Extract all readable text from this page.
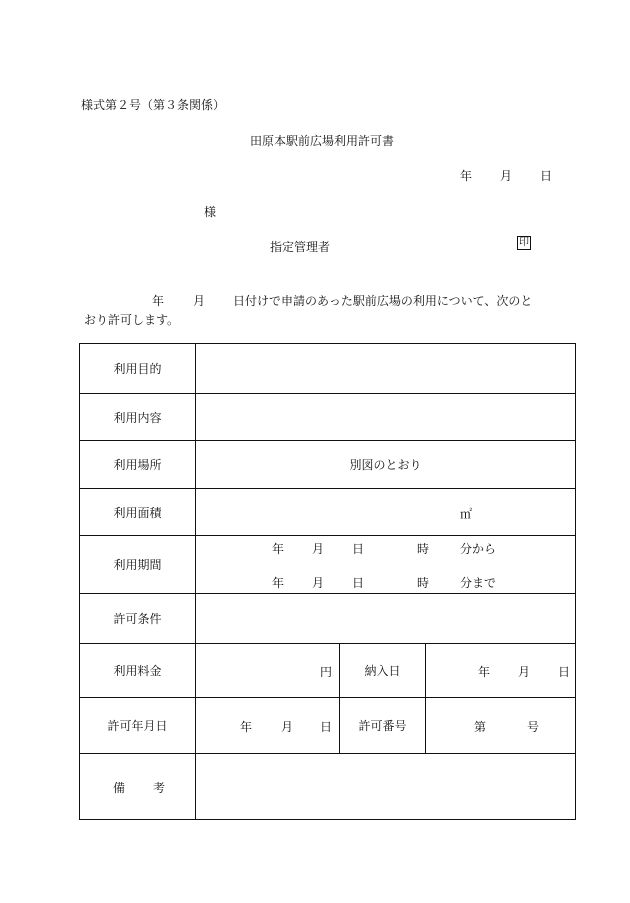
様式第２号（第３条関係）
田原本駅前広場利用許可書
年 月 日
様
指定管理者	印
年 月 日付けで申請のあった駅前広場の利用について、次のと
おり許可します。
利用目的
利用内容
利用場所	別図のとおり
利用面積	㎡
利用期間
年 月 日	時	分から
年 月 日	時	分まで
許可条件
利用料金	円	納入日	年 月 日
許可年月日	年 月 日	許可番号	第	号
備 考
